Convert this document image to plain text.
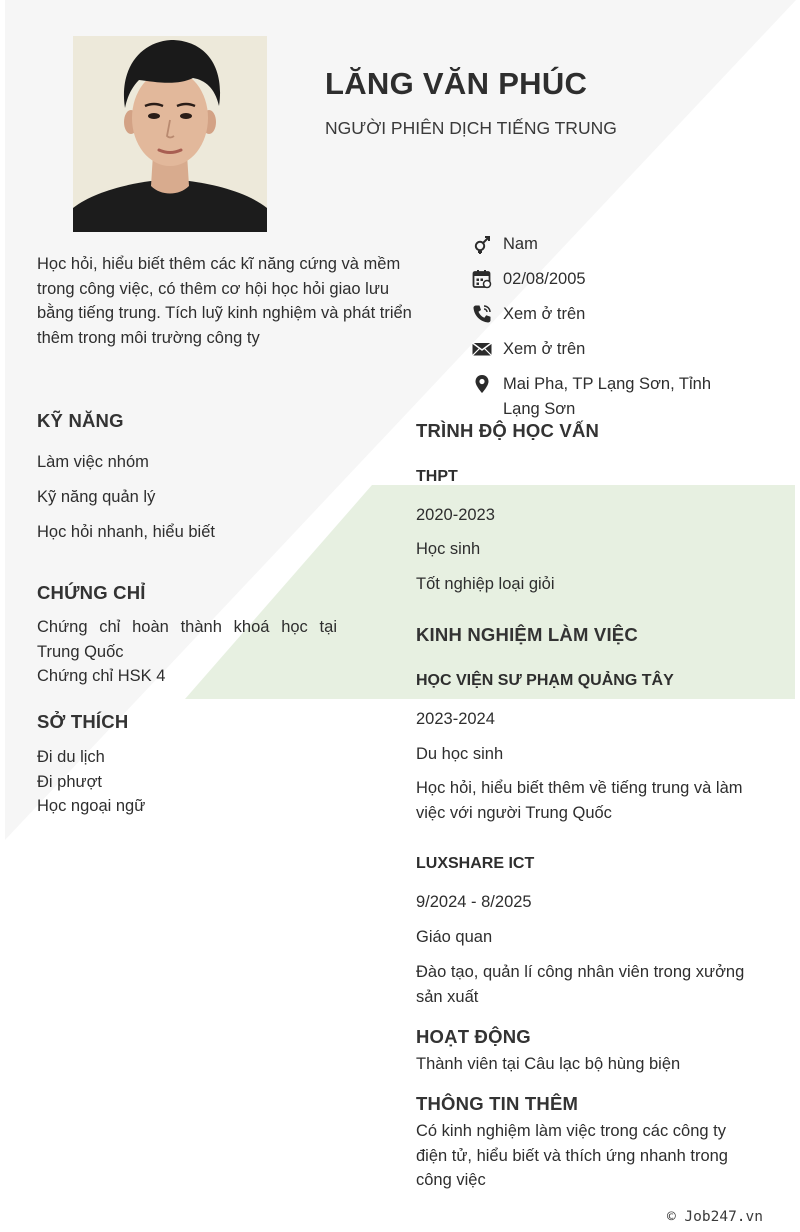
LĂNG VĂN PHÚC
NGƯỜI PHIÊN DỊCH TIẾNG TRUNG
Học hỏi, hiểu biết thêm các kĩ năng cứng và mềm trong công việc, có thêm cơ hội học hỏi giao lưu bằng tiếng trung. Tích luỹ kinh nghiệm và phát triển thêm trong môi trường công ty
Nam
02/08/2005
Xem ở trên
Xem ở trên
Mai Pha, TP Lạng Sơn, Tỉnh Lạng Sơn
KỸ NĂNG
Làm việc nhóm
Kỹ năng quản lý
Học hỏi nhanh, hiểu biết
CHỨNG CHỈ
Chứng chỉ hoàn thành khoá học tại Trung Quốc
Chứng chỉ HSK 4
SỞ THÍCH
Đi du lịch
Đi phượt
Học ngoại ngữ
TRÌNH ĐỘ HỌC VẤN
THPT
2020-2023
Học sinh
Tốt nghiệp loại giỏi
KINH NGHIỆM LÀM VIỆC
HỌC VIỆN SƯ PHẠM QUẢNG TÂY
2023-2024
Du học sinh
Học hỏi, hiểu biết thêm về tiếng trung và làm việc với người Trung Quốc
LUXSHARE ICT
9/2024 - 8/2025
Giáo quan
Đào tạo, quản lí công nhân viên trong xưởng sản xuất
HOẠT ĐỘNG
Thành viên tại Câu lạc bộ hùng biện
THÔNG TIN THÊM
Có kinh nghiệm làm việc trong các công ty điện tử, hiểu biết và thích ứng nhanh trong công việc
© Job247.vn
